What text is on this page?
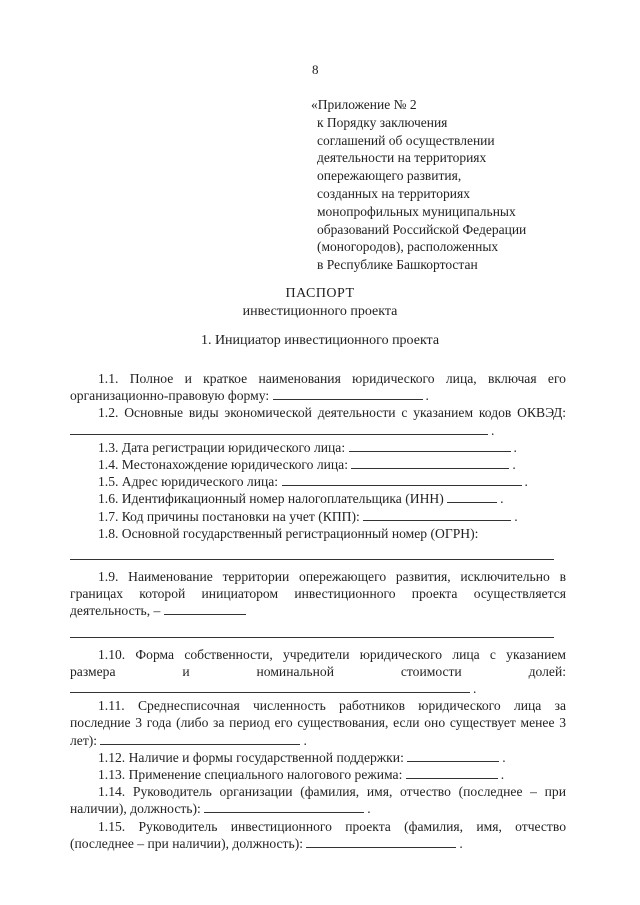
8
«Приложение № 2
к Порядку заключения
соглашений об осуществлении
деятельности на территориях
опережающего развития,
созданных на территориях
монопрофильных муниципальных
образований Российской Федерации
(моногородов), расположенных
в Республике Башкортостан
ПАСПОРТ
инвестиционного проекта
1. Инициатор инвестиционного проекта
1.1. Полное и краткое наименования юридического лица, включая его организационно-правовую форму:	.
1.2. Основные виды экономической деятельности с указанием кодов ОКВЭД: .
1.3. Дата регистрации юридического лица:	.
1.4. Местонахождение юридического лица:	.
1.5. Адрес юридического лица:	.
1.6. Идентификационный номер налогоплательщика (ИНН)	.
1.7. Код причины постановки на учет (КПП):	.
1.8. Основной государственный регистрационный номер (ОГРН):
1.9. Наименование территории опережающего развития, исключительно в границах которой инициатором инвестиционного проекта осуществляется деятельность, –
1.10. Форма собственности, учредители юридического лица с указанием размера и номинальной стоимости долей: .
1.11. Среднесписочная численность работников юридического лица за последние 3 года (либо за период его существования, если оно существует менее 3 лет):	.
1.12. Наличие и формы государственной поддержки:	.
1.13. Применение специального налогового режима:	.
1.14. Руководитель организации (фамилия, имя, отчество (последнее – при наличии), должность):	.
1.15. Руководитель инвестиционного проекта (фамилия, имя, отчество (последнее – при наличии), должность):	.
